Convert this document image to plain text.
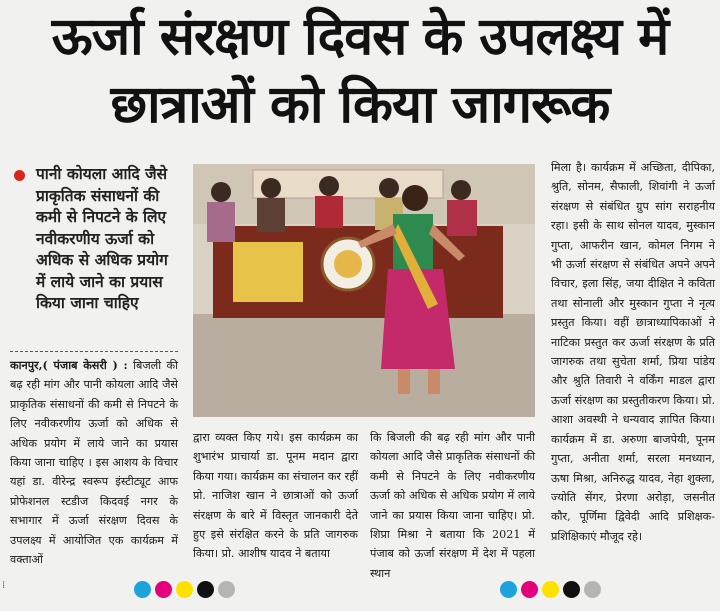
ऊर्जा संरक्षण दिवस के उपलक्ष्य में
छात्राओं को किया जागरूक
पानी कोयला आदि जैसे प्राकृतिक संसाधनों की कमी से निपटने के लिए नवीकरणीय ऊर्जा को अधिक से अधिक प्रयोग में लाये जाने का प्रयास किया जाना चाहिए
कानपुर,( पंजाब केसरी ) : बिजली की बढ़ रही मांग और पानी कोयला आदि जैसे प्राकृतिक संसाधनों की कमी से निपटने के लिए नवीकरणीय ऊर्जा को अधिक से अधिक प्रयोग में लाये जाने का प्रयास किया जाना चाहिए । इस आशय के विचार यहां डा. वीरेन्द्र स्वरूप इंस्टीट्यूट आफ प्रोफेशनल स्टडीज किदवई नगर के सभागार में ऊर्जा संरक्षण दिवस के उपलक्ष्य में आयोजित एक कार्यक्रम में वक्ताओं
द्वारा व्यक्त किए गये। इस कार्यक्रम का शुभारंभ प्राचार्या डा. पूनम मदान द्वारा किया गया। कार्यक्रम का संचालन कर रहीं प्रो. नाजिश खान ने छात्राओं को ऊर्जा संरक्षण के बारे में विस्तृत जानकारी देते हुए इसे संरक्षित करने के प्रति जागरुक किया। प्रो. आशीष यादव ने बताया
कि बिजली की बढ़ रही मांग और पानी कोयला आदि जैसे प्राकृतिक संसाधनों की कमी से निपटने के लिए नवीकरणीय ऊर्जा को अधिक से अधिक प्रयोग में लाये जाने का प्रयास किया जाना चाहिए। प्रो. शिप्रा मिश्रा ने बताया कि 2021 में पंजाब को ऊर्जा संरक्षण में देश में पहला स्थान
मिला है। कार्यक्रम में अच्छिता, दीपिका, श्रुति, सोनम, सैफाली, शिवांगी ने ऊर्जा संरक्षण से संबंधित ग्रुप सांग सराहनीय रहा। इसी के साथ सोनल यादव, मुस्कान गुप्ता, आफरीन खान, कोमल निगम ने भी ऊर्जा संरक्षण से संबंधित अपने अपने विचार, इला सिंह, जया दीक्षित ने कविता तथा सोनाली और मुस्कान गुप्ता ने नृत्य प्रस्तुत किया। वहीं छात्राध्यापिकाओं ने नाटिका प्रस्तुत कर ऊर्जा संरक्षण के प्रति जागरुक तथा सुचेता शर्मा, प्रिया पांडेय और श्रुति तिवारी ने वर्किंग माडल द्वारा ऊर्जा संरक्षण का प्रस्तुतीकरण किया। प्रो. आशा अवस्थी ने धन्यवाद ज्ञापित किया। कार्यक्रम में डा. अरुणा बाजपेयी, पूनम गुप्ता, अनीता शर्मा, सरला मनध्यान, ऊषा मिश्रा, अनिरुद्ध यादव, नेहा शुक्ला, ज्योति सेंगर, प्रेरणा अरोड़ा, जसनीत कौर, पूर्णिमा द्विवेदी आदि प्रशिक्षक-प्रशिक्षिकाएं मौजूद रहे।
⁞
